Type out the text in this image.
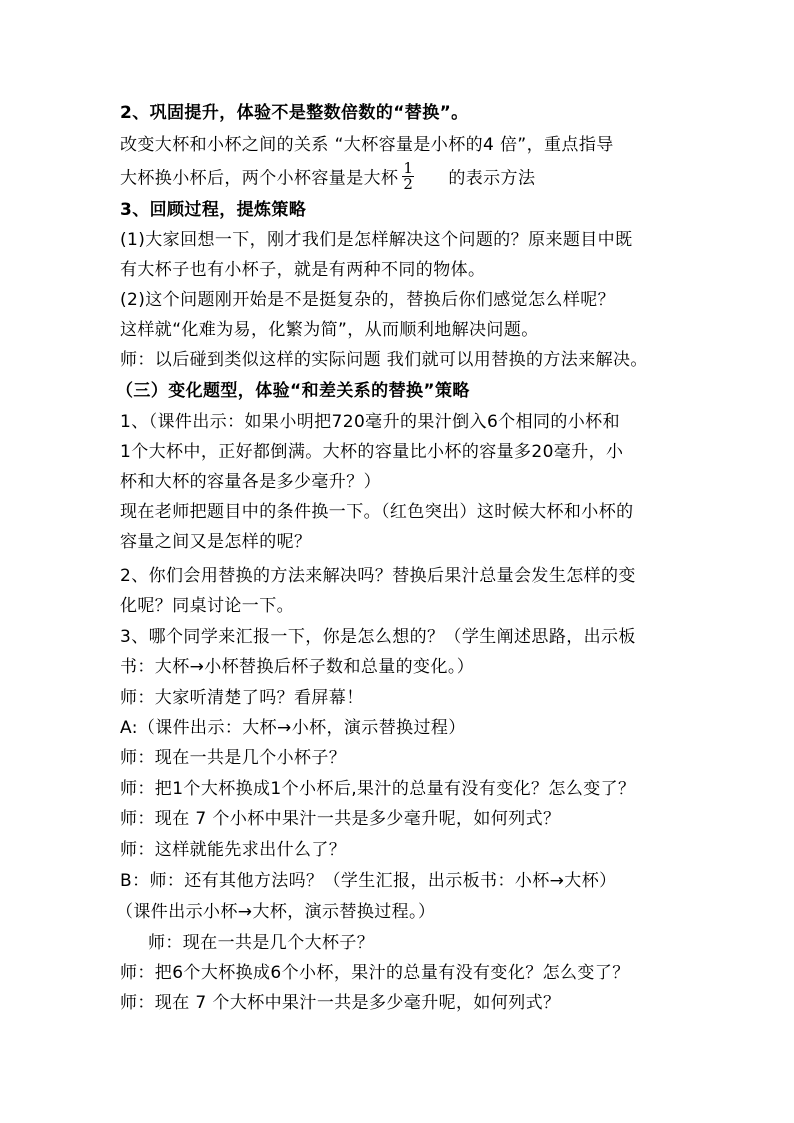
2、巩固提升，体验不是整数倍数的“替换”。
改变大杯和小杯之间的关系 “大杯容量是小杯的4 倍”，重点指导
大杯换小杯后，两个小杯容量是大杯 $\frac{1}{2}$ 的表示方法
3、回顾过程，提炼策略
(1)大家回想一下，刚才我们是怎样解决这个问题的？原来题目中既
有大杯子也有小杯子，就是有两种不同的物体。
(2)这个问题刚开始是不是挺复杂的，替换后你们感觉怎么样呢？
这样就“化难为易，化繁为简”，从而顺利地解决问题。
师：以后碰到类似这样的实际问题 我们就可以用替换的方法来解决。
（三）变化题型，体验“和差关系的替换”策略
1、（课件出示：如果小明把720毫升的果汁倒入6个相同的小杯和
1个大杯中，正好都倒满。大杯的容量比小杯的容量多20毫升，小
杯和大杯的容量各是多少毫升？）
现在老师把题目中的条件换一下。（红色突出）这时候大杯和小杯的
容量之间又是怎样的呢？
2、你们会用替换的方法来解决吗？替换后果汁总量会发生怎样的变
化呢？同桌讨论一下。
3、哪个同学来汇报一下，你是怎么想的？（学生阐述思路，出示板
书：大杯→小杯替换后杯子数和总量的变化。）
师：大家听清楚了吗？看屏幕！
A:（课件出示：大杯→小杯，演示替换过程）
师：现在一共是几个小杯子？
师：把1个大杯换成1个小杯后,果汁的总量有没有变化？怎么变了？
师：现在 7 个小杯中果汁一共是多少毫升呢，如何列式？
师：这样就能先求出什么了？
B：师：还有其他方法吗？（学生汇报，出示板书：小杯→大杯）
（课件出示小杯→大杯，演示替换过程。）
师：现在一共是几个大杯子？
师：把6个大杯换成6个小杯，果汁的总量有没有变化？怎么变了？
师：现在 7 个大杯中果汁一共是多少毫升呢，如何列式？
